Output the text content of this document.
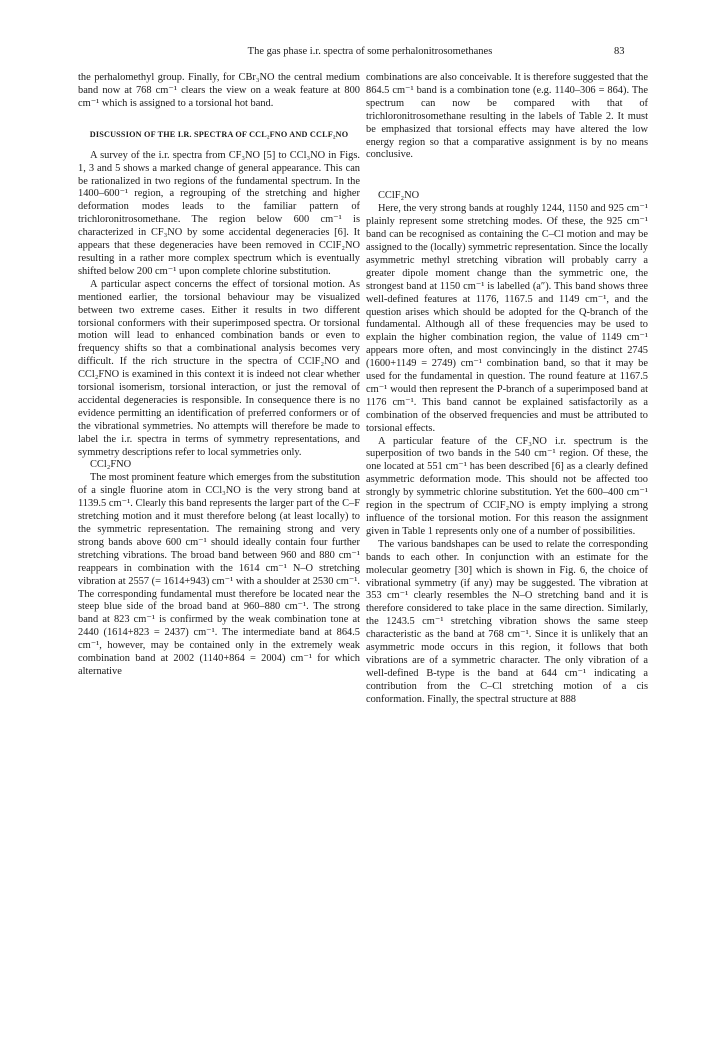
The gas phase i.r. spectra of some perhalonitrosomethanes	83

the perhalomethyl group. Finally, for CBr₃NO the central medium band now at 768 cm⁻¹ clears the view on a weak feature at 800 cm⁻¹ which is assigned to a torsional hot band.

DISCUSSION OF THE I.R. SPECTRA OF CCL₂FNO AND CCLF₂NO

A survey of the i.r. spectra from CF₃NO [5] to CCl₃NO in Figs. 1, 3 and 5 shows a marked change of general appearance. This can be rationalized in two regions of the fundamental spectrum. In the 1400–600⁻¹ region, a regrouping of the stretching and higher deformation modes leads to the familiar pattern of trichloronitrosomethane. The region below 600 cm⁻¹ is characterized in CF₃NO by some accidental degeneracies [6]. It appears that these degeneracies have been removed in CClF₂NO resulting in a rather more complex spectrum which is eventually shifted below 200 cm⁻¹ upon complete chlorine substitution.

A particular aspect concerns the effect of torsional motion. As mentioned earlier, the torsional behaviour may be visualized between two extreme cases. Either it results in two different torsional conformers with their superimposed spectra. Or torsional motion will lead to enhanced combination bands or even to frequency shifts so that a combinational analysis becomes very difficult. If the rich structure in the spectra of CClF₂NO and CCl₂FNO is examined in this context it is indeed not clear whether torsional isomerism, torsional interaction, or just the removal of accidental degeneracies is responsible. In consequence there is no evidence permitting an identification of preferred conformers or of the vibrational symmetries. No attempts will therefore be made to label the i.r. spectra in terms of symmetry representations, and symmetry descriptions refer to local symmetries only.

CCl₂FNO

The most prominent feature which emerges from the substitution of a single fluorine atom in CCl₃NO is the very strong band at 1139.5 cm⁻¹. Clearly this band represents the larger part of the C–F stretching motion and it must therefore belong (at least locally) to the symmetric representation. The remaining strong and very strong bands above 600 cm⁻¹ should ideally contain four further stretching vibrations. The broad band between 960 and 880 cm⁻¹ reappears in combination with the 1614 cm⁻¹ N–O stretching vibration at 2557 (= 1614+943) cm⁻¹ with a shoulder at 2530 cm⁻¹. The corresponding fundamental must therefore be located near the steep blue side of the broad band at 960–880 cm⁻¹. The strong band at 823 cm⁻¹ is confirmed by the weak combination tone at 2440 (1614+823 = 2437) cm⁻¹. The intermediate band at 864.5 cm⁻¹, however, may be contained only in the extremely weak combination band at 2002 (1140+864 = 2004) cm⁻¹ for which alternative

combinations are also conceivable. It is therefore suggested that the 864.5 cm⁻¹ band is a combination tone (e.g. 1140–306 = 864). The spectrum can now be compared with that of trichloronitrosomethane resulting in the labels of Table 2. It must be emphasized that torsional effects may have altered the low energy region so that a comparative assignment is by no means conclusive.

CClF₂NO

Here, the very strong bands at roughly 1244, 1150 and 925 cm⁻¹ plainly represent some stretching modes. Of these, the 925 cm⁻¹ band can be recognised as containing the C–Cl motion and may be assigned to the (locally) symmetric representation. Since the locally asymmetric methyl stretching vibration will probably carry a greater dipole moment change than the symmetric one, the strongest band at 1150 cm⁻¹ is labelled (a″). This band shows three well-defined features at 1176, 1167.5 and 1149 cm⁻¹, and the question arises which should be adopted for the Q-branch of the fundamental. Although all of these frequencies may be used to explain the higher combination region, the value of 1149 cm⁻¹ appears more often, and most convincingly in the distinct 2745 (1600+1149 = 2749) cm⁻¹ combination band, so that it may be used for the fundamental in question. The round feature at 1167.5 cm⁻¹ would then represent the P-branch of a superimposed band at 1176 cm⁻¹. This band cannot be explained satisfactorily as a combination of the observed frequencies and must be attributed to torsional effects.

A particular feature of the CF₃NO i.r. spectrum is the superposition of two bands in the 540 cm⁻¹ region. Of these, the one located at 551 cm⁻¹ has been described [6] as a clearly defined asymmetric deformation mode. This should not be affected too strongly by symmetric chlorine substitution. Yet the 600–400 cm⁻¹ region in the spectrum of CClF₂NO is empty implying a strong influence of the torsional motion. For this reason the assignment given in Table 1 represents only one of a number of possibilities.

The various bandshapes can be used to relate the corresponding bands to each other. In conjunction with an estimate for the molecular geometry [30] which is shown in Fig. 6, the choice of vibrational symmetry (if any) may be suggested. The vibration at 353 cm⁻¹ clearly resembles the N–O stretching band and it is therefore considered to take place in the same direction. Similarly, the 1243.5 cm⁻¹ stretching vibration shows the same steep characteristic as the band at 768 cm⁻¹. Since it is unlikely that an asymmetric mode occurs in this region, it follows that both vibrations are of a symmetric character. The only vibration of a well-defined B-type is the band at 644 cm⁻¹ indicating a contribution from the C–Cl stretching motion of a cis conformation. Finally, the spectral structure at 888
